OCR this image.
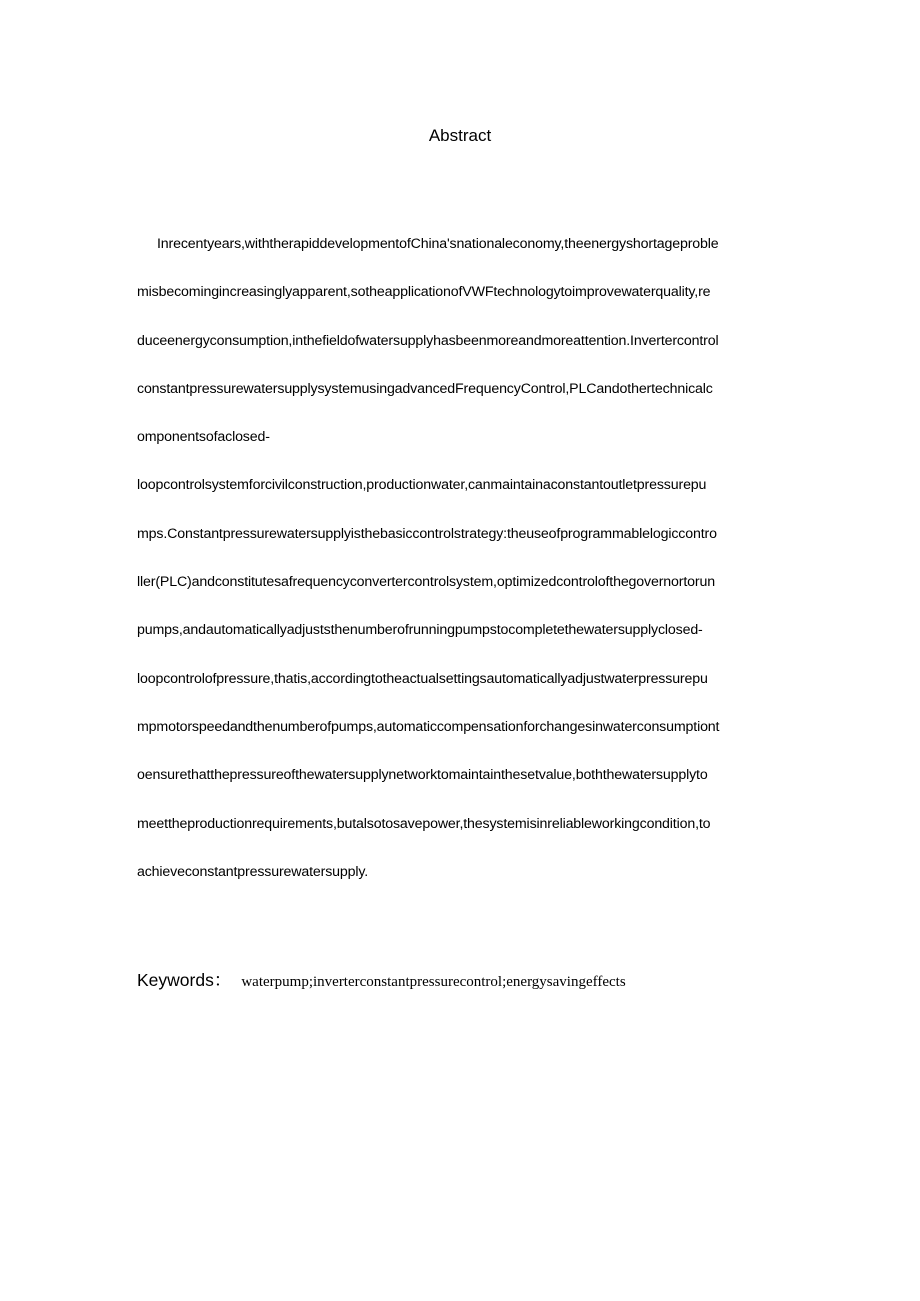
Abstract
Inrecentyears,withtherapiddevelopmentofChina'snationaleconomy,theenergyshortageproble
misbecomingincreasinglyapparent,sotheapplicationofVWFtechnologytoimprovewaterquality,re
duceenergyconsumption,inthefieldofwatersupplyhasbeenmoreandmoreattention.Invertercontrol
constantpressurewatersupplysystemusingadvancedFrequencyControl,PLCandothertechnicalc
omponentsofaclosed-
loopcontrolsystemforcivilconstruction,productionwater,canmaintainaconstantoutletpressurepu
mps.Constantpressurewatersupplyisthebasiccontrolstrategy:theuseofprogrammablelogiccontro
ller(PLC)andconstitutesafrequencyconvertercontrolsystem,optimizedcontrolofthegovernortorun
pumps,andautomaticallyadjuststhenumberofrunningpumpstocompletethewatersupplyclosed-
loopcontrolofpressure,thatis,accordingtotheactualsettingsautomaticallyadjustwaterpressurepu
mpmotorspeedandthenumberofpumps,automaticcompensationforchangesinwaterconsumptiont
oensurethatthepressureofthewatersupplynetworktomaintainthesetvalue,boththewatersupplyto
meettheproductionrequirements,butalsotosavepower,thesystemisinreliableworkingcondition,to
achieveconstantpressurewatersupply.
Keywords： waterpump;inverterconstantpressurecontrol;energysavingeffects
